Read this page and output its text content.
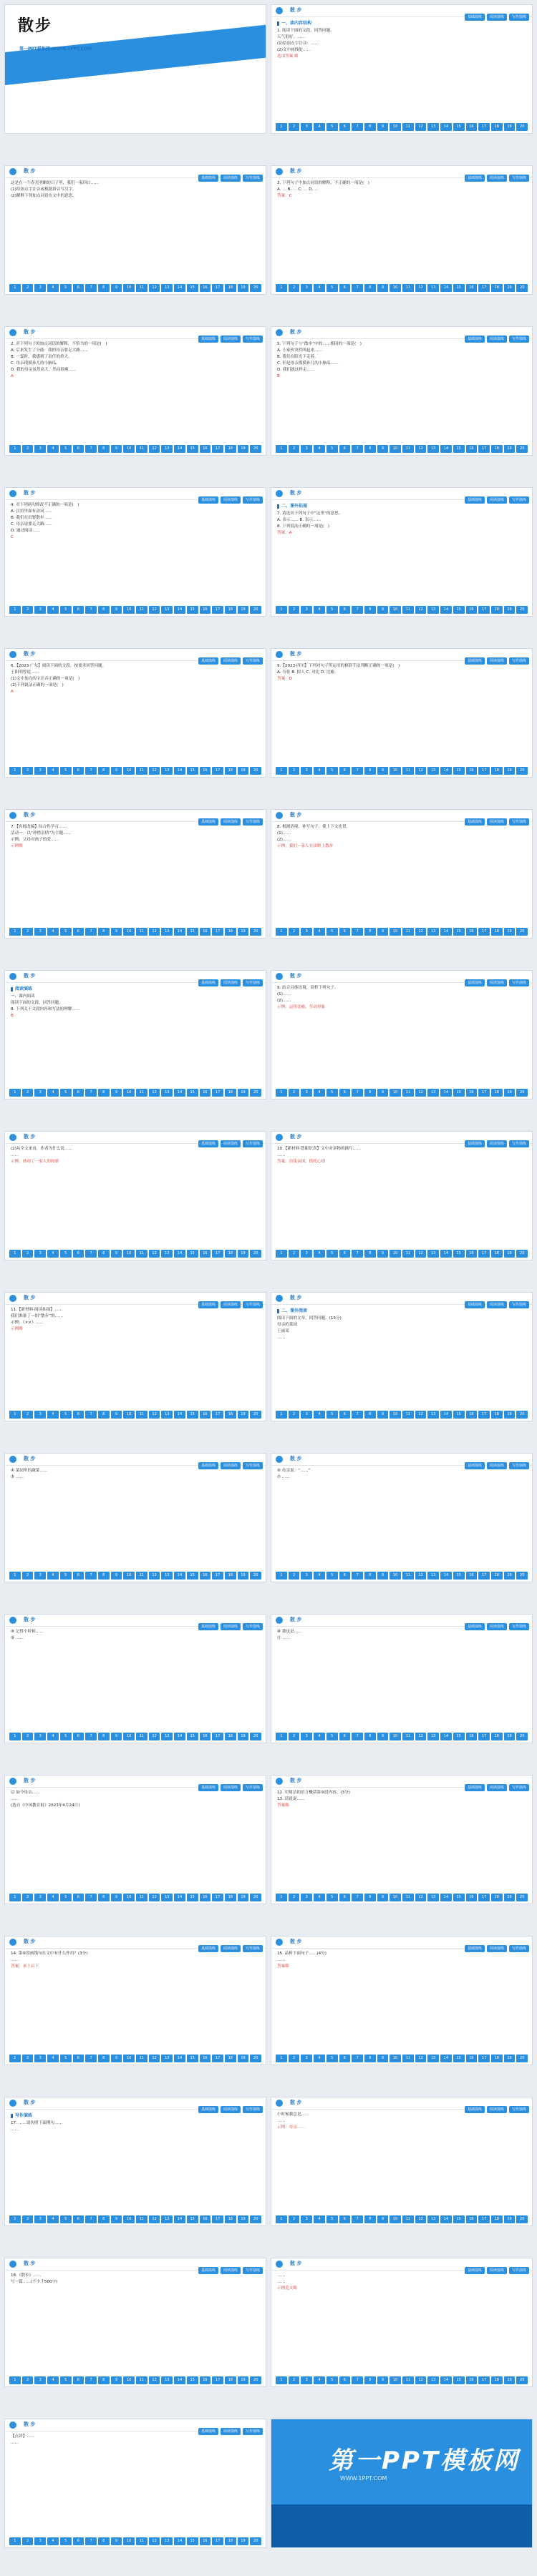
散步
第一PPT模板网-WWW.1PPT.COM
散 步
基础演练 阅读演练 写作演练
一、读内容结构

1. 阅读下面的文段，回答问题。

天气很好。……

(1)给加点字注音：……

(2)文中画线处……

选项答案 略

1	2	3	4	5	6	7	8	9	10	11	12	13	14	15	16	17	18	19	20
散 步
基础演练 阅读演练 写作演练

这是在一个春光明媚的日子里，我们一家四口……

(1)给加点字注音或根据拼音写汉字。

(2)解释下列加点词语在文中的意思。

1	2	3	4	5	6	7	8	9	10	11	12	13	14	15	16	17	18	19	20
散 步
基础演练 阅读演练 写作演练

3. 下列句子中加点词语的解释，不正确的一项是(　)

A. … B. … C. … D. …

答案：C

1	2	3	4	5	6	7	8	9	10	11	12	13	14	15	16	17	18	19	20
散 步
基础演练 阅读演练 写作演练

2. 对下列句子的加点词语的解释，不恰当的一项是(　)

A. 后来发生了分歧：我的母亲要走大路……

B. 一霎时，我感到了责任的重大。

C. 母亲摸摸孙儿的小脑瓜。

D. 我的母亲虽然高大，然而很瘦……

A

1	2	3	4	5	6	7	8	9	10	11	12	13	14	15	16	17	18	19	20
散 步
基础演练 阅读演练 写作演练

5. 下列句子与“散步”中的……相同的一项是(　)

A. 小家伙突然叫起来……

B. 我们在阳光下走着。

C. 但是母亲摸摸孙儿的小脑瓜……

D. 我们就这样走……

B

1	2	3	4	5	6	7	8	9	10	11	12	13	14	15	16	17	18	19	20
散 步
基础演练 阅读演练 写作演练

4. 对下列病句修改不正确的一项是(　)

A. 汉语里面有动词……

B. 我们在田野散步……

C. 母亲说要走大路……

D. 通过阅读……

C

1	2	3	4	5	6	7	8	9	10	11	12	13	14	15	16	17	18	19	20
散 步
基础演练 阅读演练 写作演练
二、课外拓展

7. 请选出下列句子中“这里”的意思。

A. 表示…… B. 表示……

8. 下列说法正确的一项是(　)

答案：A

1	2	3	4	5	6	7	8	9	10	11	12	13	14	15	16	17	18	19	20
散 步
基础演练 阅读演练 写作演练

6.【2023·广东】阅读下面的文段，按要求回答问题。

王阳明曾说……

(1)文中加点的字注音正确的一项是(　)

(2)下列说法正确的一项是(　)

A

1	2	3	4	5	6	7	8	9	10	11	12	13	14	15	16	17	18	19	20
散 步
基础演练 阅读演练 写作演练

9.【2023·四川】下列对句子所运用的修辞手法判断正确的一项是(　)

A. 夸张 B. 拟人 C. 对比 D. 比喻

答案：D

1	2	3	4	5	6	7	8	9	10	11	12	13	14	15	16	17	18	19	20
散 步
基础演练 阅读演练 写作演练

7.【名师改编】综合性学习……

活动一：以“珍惜亲情”为主题……

示例：父母对孩子的爱……

示例略

1	2	3	4	5	6	7	8	9	10	11	12	13	14	15	16	17	18	19	20
散 步
基础演练 阅读演练 写作演练

8. 根据语境，补写句子，使上下文连贯。

(1)……

(2)……

示例：我们一家人在田野上散步

1	2	3	4	5	6	7	8	9	10	11	12	13	14	15	16	17	18	19	20
散 步
基础演练 阅读演练 写作演练
阅读演练

一、课内阅读

阅读下面的文段，回答问题。

8. 下列关于文段内容和写法的理解……

B

1	2	3	4	5	6	7	8	9	10	11	12	13	14	15	16	17	18	19	20
散 步
基础演练 阅读演练 写作演练

9. 结合具体语境，赏析下列句子。

(1)……

(2)……

示例：运用比喻，生动形象

1	2	3	4	5	6	7	8	9	10	11	12	13	14	15	16	17	18	19	20
散 步
基础演练 阅读演练 写作演练

(2)从全文来看，作者为什么说……

……

示例：体现了一家人的和睦

1	2	3	4	5	6	7	8	9	10	11	12	13	14	15	16	17	18	19	20
散 步
基础演练 阅读演练 写作演练

10.【新材料·慧眼识真】文中对景物的描写……

……

答案：渲染氛围，烘托心情

1	2	3	4	5	6	7	8	9	10	11	12	13	14	15	16	17	18	19	20
散 步
基础演练 阅读演练 写作演练

11.【新材料·阅读拓展】……

我们准备了一组“散步”的……

示例：《××》……

示例略

1	2	3	4	5	6	7	8	9	10	11	12	13	14	15	16	17	18	19	20
散 步
基础演练 阅读演练 写作演练
二、课外阅读

阅读下面的文章，回答问题。(15分)

母亲的菜园

王丽某

……

1	2	3	4	5	6	7	8	9	10	11	12	13	14	15	16	17	18	19	20
散 步
基础演练 阅读演练 写作演练

④ 菜园里的蔬菜……

⑤ ……

1	2	3	4	5	6	7	8	9	10	11	12	13	14	15	16	17	18	19	20
散 步
基础演练 阅读演练 写作演练

⑥ 母亲说：“……”

⑦ ……

1	2	3	4	5	6	7	8	9	10	11	12	13	14	15	16	17	18	19	20
散 步
基础演练 阅读演练 写作演练

⑧ 记得小时候……

⑨ ……

1	2	3	4	5	6	7	8	9	10	11	12	13	14	15	16	17	18	19	20
散 步
基础演练 阅读演练 写作演练

⑩ 我也是……

⑪ ……

1	2	3	4	5	6	7	8	9	10	11	12	13	14	15	16	17	18	19	20
散 步
基础演练 阅读演练 写作演练

⑫ 如今母亲……

……

(选自《中国教育报》2023年4月24日)

1	2	3	4	5	6	7	8	9	10	11	12	13	14	15	16	17	18	19	20
散 步
基础演练 阅读演练 写作演练

12. 用简洁的语言概括第⑨段内容。(3分)

13. 请说说……

答案略

1	2	3	4	5	6	7	8	9	10	11	12	13	14	15	16	17	18	19	20
散 步
基础演练 阅读演练 写作演练

14. 第⑥段画线句在文中有什么作用？(3分)

……

答案：承上启下

1	2	3	4	5	6	7	8	9	10	11	12	13	14	15	16	17	18	19	20
散 步
基础演练 阅读演练 写作演练

15. 品析下面句子……(4分)

……

答案略

1	2	3	4	5	6	7	8	9	10	11	12	13	14	15	16	17	18	19	20
散 步
基础演练 阅读演练 写作演练
写作演练

17. ……请仿照下面例句……

……

1	2	3	4	5	6	7	8	9	10	11	12	13	14	15	16	17	18	19	20
散 步
基础演练 阅读演练 写作演练

小时候我总是……

……

示例：母亲……

1	2	3	4	5	6	7	8	9	10	11	12	13	14	15	16	17	18	19	20
散 步
基础演练 阅读演练 写作演练

18.《散步》……

写一篇……(不少于500字)

1	2	3	4	5	6	7	8	9	10	11	12	13	14	15	16	17	18	19	20
散 步
基础演练 阅读演练 写作演练

……

……

示例范文略

1	2	3	4	5	6	7	8	9	10	11	12	13	14	15	16	17	18	19	20
散 步
基础演练 阅读演练 写作演练

【点评】……

……

1	2	3	4	5	6	7	8	9	10	11	12	13	14	15	16	17	18	19	20
第一PPT模板网
WWW.1PPT.COM
